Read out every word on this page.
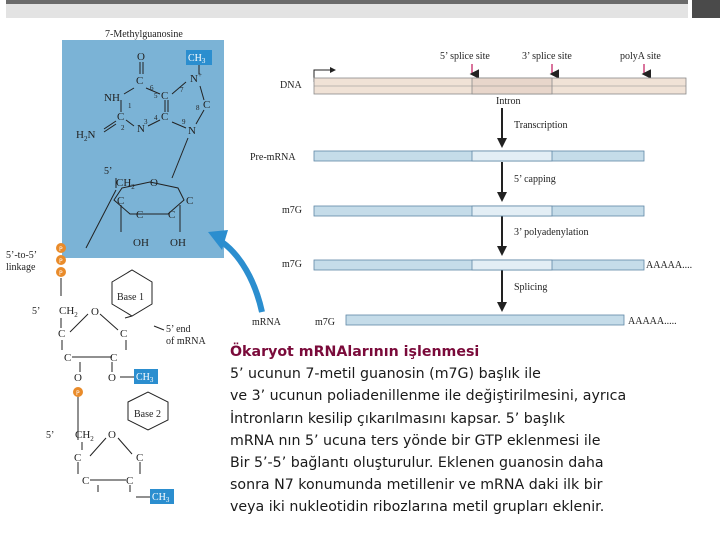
7-Methylguanosine
$CH_3$
O
C
NH	C
N+
C
C	C
N	N
$H_2N$
1
2
3 4
5
6	7
8
9
5’
$CH_2$ O
C	C
C C
OH OH
P
P
P
5’-to-5’
linkage
Base 1
5’ $CH_2$ O
C	C
C	C
O O $CH_3$
P
5’ end
of mRNA
Base 2
5’ $CH_2$ O
C	C
C	C
$CH_3$
5’ splice site	3’ splice site	polyA site
DNA
Intron
Transcription
5’ capping
3’ polyadenylation
Splicing
Pre-mRNA
m7G
m7G	AAAAA....
mRNA	m7G	AAAAA.....
Ökaryot mRNAlarının işlenmesi
5’ ucunun 7-metil guanosin (m7G) başlık ile
ve 3’ ucunun poliadenillenme ile değiştirilmesini, ayrıca
İntronların kesilip çıkarılmasını kapsar. 5’ başlık
mRNA nın 5’ ucuna ters yönde bir GTP eklenmesi ile
Bir 5’-5’ bağlantı oluşturulur. Eklenen guanosin daha
sonra N7 konumunda metillenir ve mRNA daki ilk bir
veya iki nukleotidin ribozlarına metil grupları eklenir.
